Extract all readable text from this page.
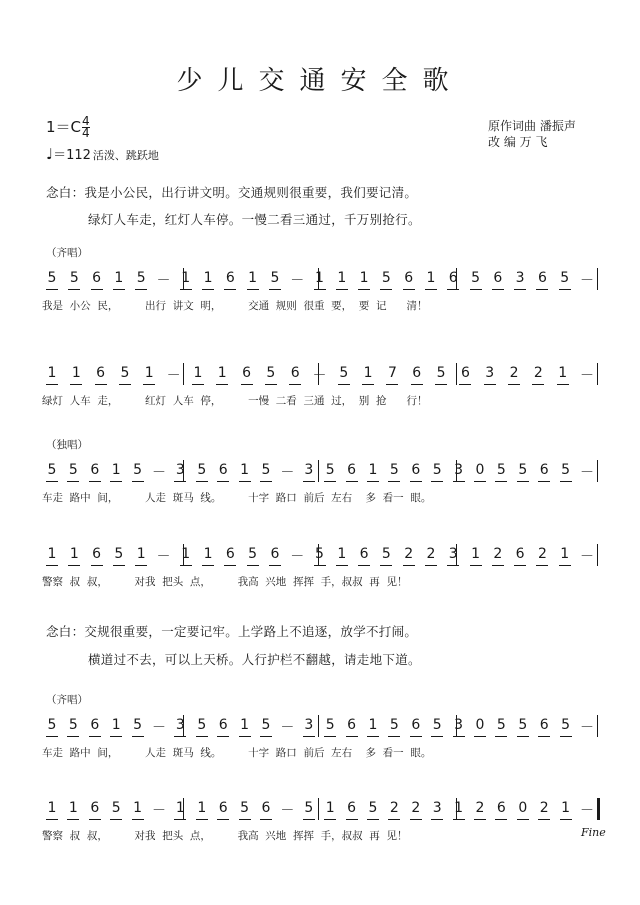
少儿交通安全歌
$1=C \frac{4}{4}$
♩＝112 活泼、跳跃地
原作词曲 潘振声
改 编 万 飞
念白：我是小公民，出行讲文明。交通规则很重要，我们要记清。
绿灯人车走，红灯人车停。一慢二看三通过，千万别抢行。
（齐唱）
（独唱）
念白：交规很重要，一定要记牢。上学路上不追逐，放学不打闹。
横道过不去，可以上天桥。人行护栏不翻越，请走地下道。
（齐唱）
5 5 6 1 5 － 1 1 6 1 5 － 1 1 1 5 6 1 6 5 6 3 6 5 －
我是  小公  民，        出行  讲文  明，        交通  规则  很重  要，  要  记      清！
1 1 6 5 1 － 1 1 6 5 6 － 5 1 7 6 5 6 3 2 2 1 －
绿灯  人车  走，        红灯  人车  停，        一慢  二看  三通  过，  别  抢      行！
5 5 6 1 5 － 3 5 6 1 5 － 3 5 6 1 5 6 5 3 0 5 5 6 5 －
车走  路中  间，        人走  斑马  线。        十字  路口  前后  左右    多  看一  眼。
1 1 6 5 1 － 1 1 6 5 6 － 5 1 6 5 2 2 3 1 2 6 2 1 －
警察  叔  叔，        对我  把头  点，        我高  兴地  挥挥  手，叔叔  再  见！
5 5 6 1 5 － 3 5 6 1 5 － 3 5 6 1 5 6 5 3 0 5 5 6 5 －
车走  路中  间，        人走  斑马  线。        十字  路口  前后  左右    多  看一  眼。
1 1 6 5 1 － 1 1 6 5 6 － 5 1 6 5 2 2 3 1 2 6 0 2 1 －
警察  叔  叔，        对我  把头  点，        我高  兴地  挥挥  手，叔叔  再  见！	Fine
